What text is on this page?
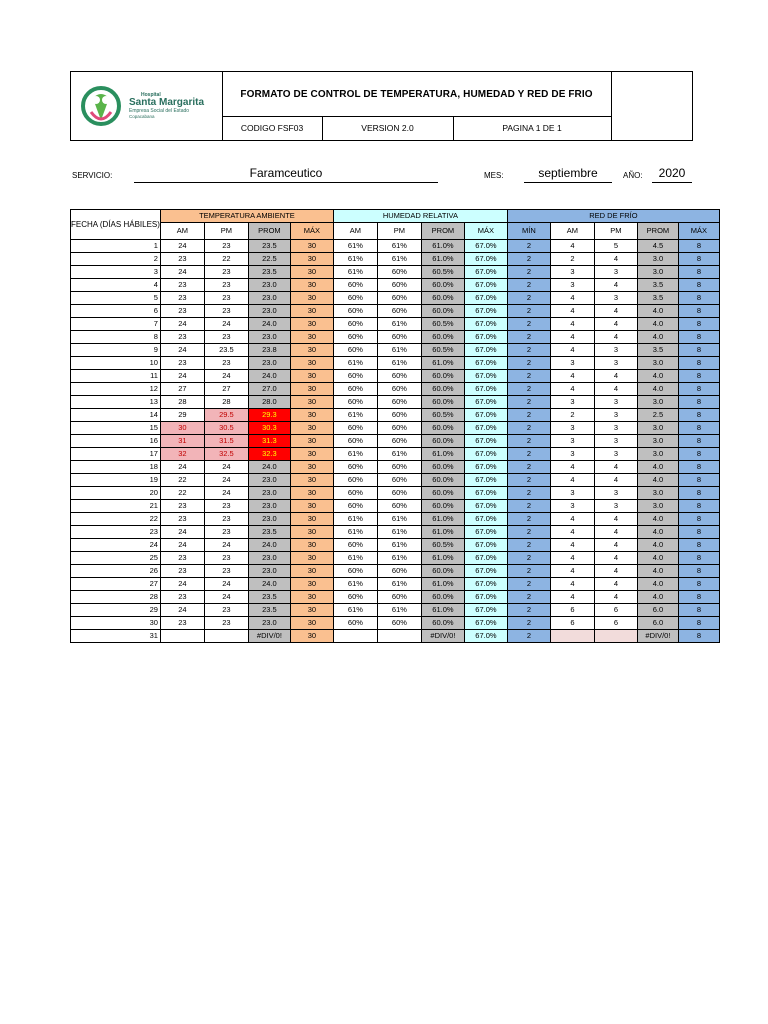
Hospital
Santa Margarita
Empresa Social del Estado
Copacabana
FORMATO DE CONTROL DE TEMPERATURA, HUMEDAD Y RED DE FRIO
CODIGO FSF03	VERSION 2.0	PAGINA 1 DE 1
SERVICIO:	Faramceutico	MES:	septiembre	AÑO:	2020
FECHA (DÍAS HÁBILES)	TEMPERATURA AMBIENTE				HUMEDAD RELATIVA				RED DE FRÍO				
	AM	PM	PROM	MÁX	AM	PM	PROM	MÁX	MÍN	AM	PM	PROM	MÁX

1	24	23	23.5	30	61%	61%	61.0%	67.0%	2	4	5	4.5	8
2	23	22	22.5	30	61%	61%	61.0%	67.0%	2	2	4	3.0	8
3	24	23	23.5	30	61%	60%	60.5%	67.0%	2	3	3	3.0	8
4	23	23	23.0	30	60%	60%	60.0%	67.0%	2	3	4	3.5	8
5	23	23	23.0	30	60%	60%	60.0%	67.0%	2	4	3	3.5	8
6	23	23	23.0	30	60%	60%	60.0%	67.0%	2	4	4	4.0	8
7	24	24	24.0	30	60%	61%	60.5%	67.0%	2	4	4	4.0	8
8	23	23	23.0	30	60%	60%	60.0%	67.0%	2	4	4	4.0	8
9	24	23.5	23.8	30	60%	61%	60.5%	67.0%	2	4	3	3.5	8
10	23	23	23.0	30	61%	61%	61.0%	67.0%	2	3	3	3.0	8
11	24	24	24.0	30	60%	60%	60.0%	67.0%	2	4	4	4.0	8
12	27	27	27.0	30	60%	60%	60.0%	67.0%	2	4	4	4.0	8
13	28	28	28.0	30	60%	60%	60.0%	67.0%	2	3	3	3.0	8
14	29	29.5	29.3	30	61%	60%	60.5%	67.0%	2	2	3	2.5	8
15	30	30.5	30.3	30	60%	60%	60.0%	67.0%	2	3	3	3.0	8
16	31	31.5	31.3	30	60%	60%	60.0%	67.0%	2	3	3	3.0	8
17	32	32.5	32.3	30	61%	61%	61.0%	67.0%	2	3	3	3.0	8
18	24	24	24.0	30	60%	60%	60.0%	67.0%	2	4	4	4.0	8
19	22	24	23.0	30	60%	60%	60.0%	67.0%	2	4	4	4.0	8
20	22	24	23.0	30	60%	60%	60.0%	67.0%	2	3	3	3.0	8
21	23	23	23.0	30	60%	60%	60.0%	67.0%	2	3	3	3.0	8
22	23	23	23.0	30	61%	61%	61.0%	67.0%	2	4	4	4.0	8
23	24	23	23.5	30	61%	61%	61.0%	67.0%	2	4	4	4.0	8
24	24	24	24.0	30	60%	61%	60.5%	67.0%	2	4	4	4.0	8
25	23	23	23.0	30	61%	61%	61.0%	67.0%	2	4	4	4.0	8
26	23	23	23.0	30	60%	60%	60.0%	67.0%	2	4	4	4.0	8
27	24	24	24.0	30	61%	61%	61.0%	67.0%	2	4	4	4.0	8
28	23	24	23.5	30	60%	60%	60.0%	67.0%	2	4	4	4.0	8
29	24	23	23.5	30	61%	61%	61.0%	67.0%	2	6	6	6.0	8
30	23	23	23.0	30	60%	60%	60.0%	67.0%	2	6	6	6.0	8
31			#DIV/0!	30			#DIV/0!	67.0%	2			#DIV/0!	8
